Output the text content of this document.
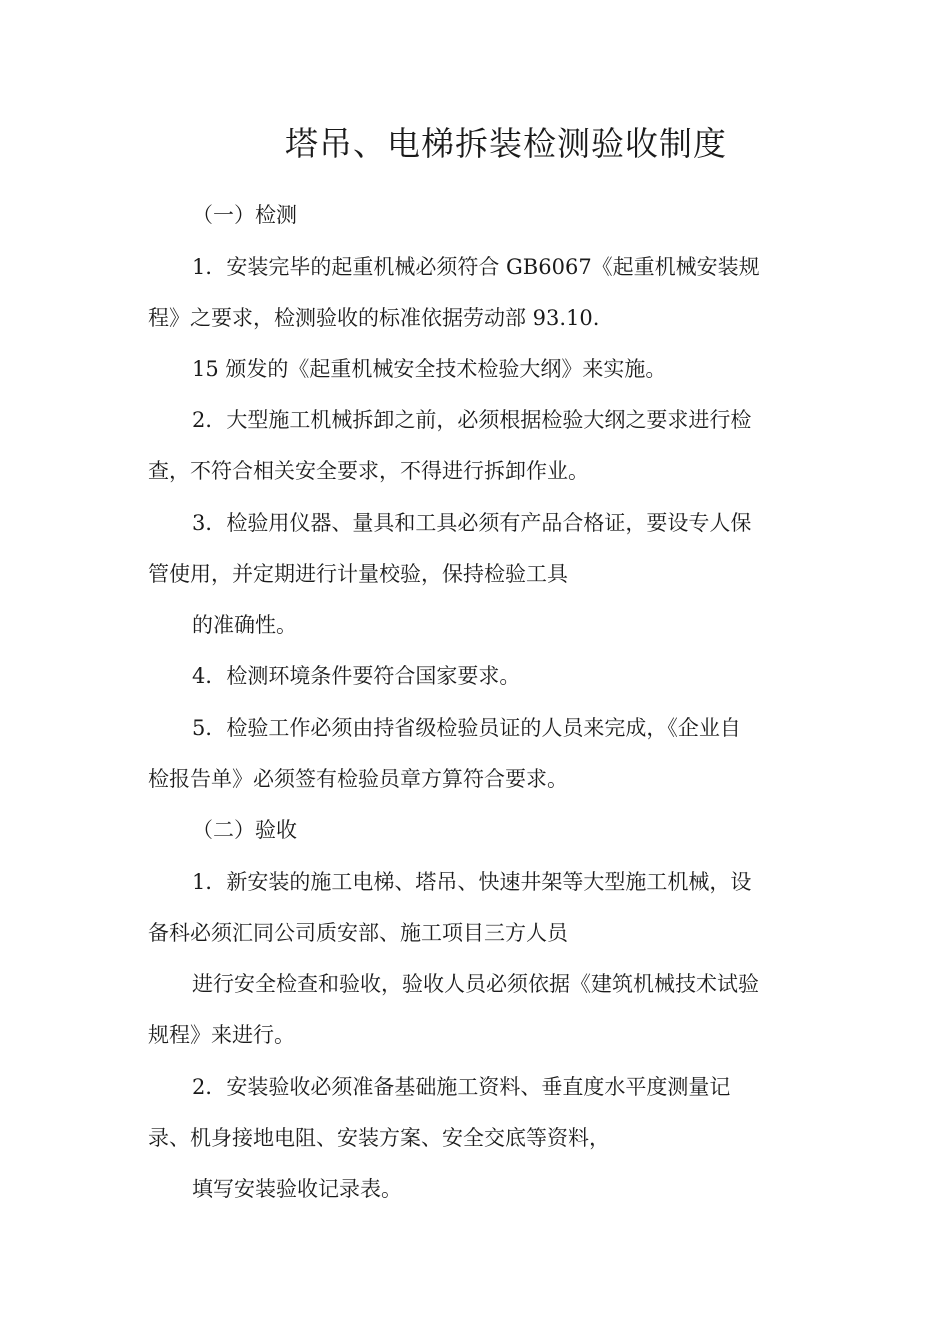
塔吊、电梯拆装检测验收制度

（一）检测

1．安装完毕的起重机械必须符合 GB6067《起重机械安装规

程》之要求，检测验收的标准依据劳动部 93.10.

15 颁发的《起重机械安全技术检验大纲》来实施。

2．大型施工机械拆卸之前，必须根据检验大纲之要求进行检

查，不符合相关安全要求，不得进行拆卸作业。

3．检验用仪器、量具和工具必须有产品合格证，要设专人保

管使用，并定期进行计量校验，保持检验工具

的准确性。

4．检测环境条件要符合国家要求。

5．检验工作必须由持省级检验员证的人员来完成，《企业自

检报告单》必须签有检验员章方算符合要求。

（二）验收

1．新安装的施工电梯、塔吊、快速井架等大型施工机械，设

备科必须汇同公司质安部、施工项目三方人员

进行安全检查和验收，验收人员必须依据《建筑机械技术试验

规程》来进行。

2．安装验收必须准备基础施工资料、垂直度水平度测量记

录、机身接地电阻、安装方案、安全交底等资料，

填写安装验收记录表。
